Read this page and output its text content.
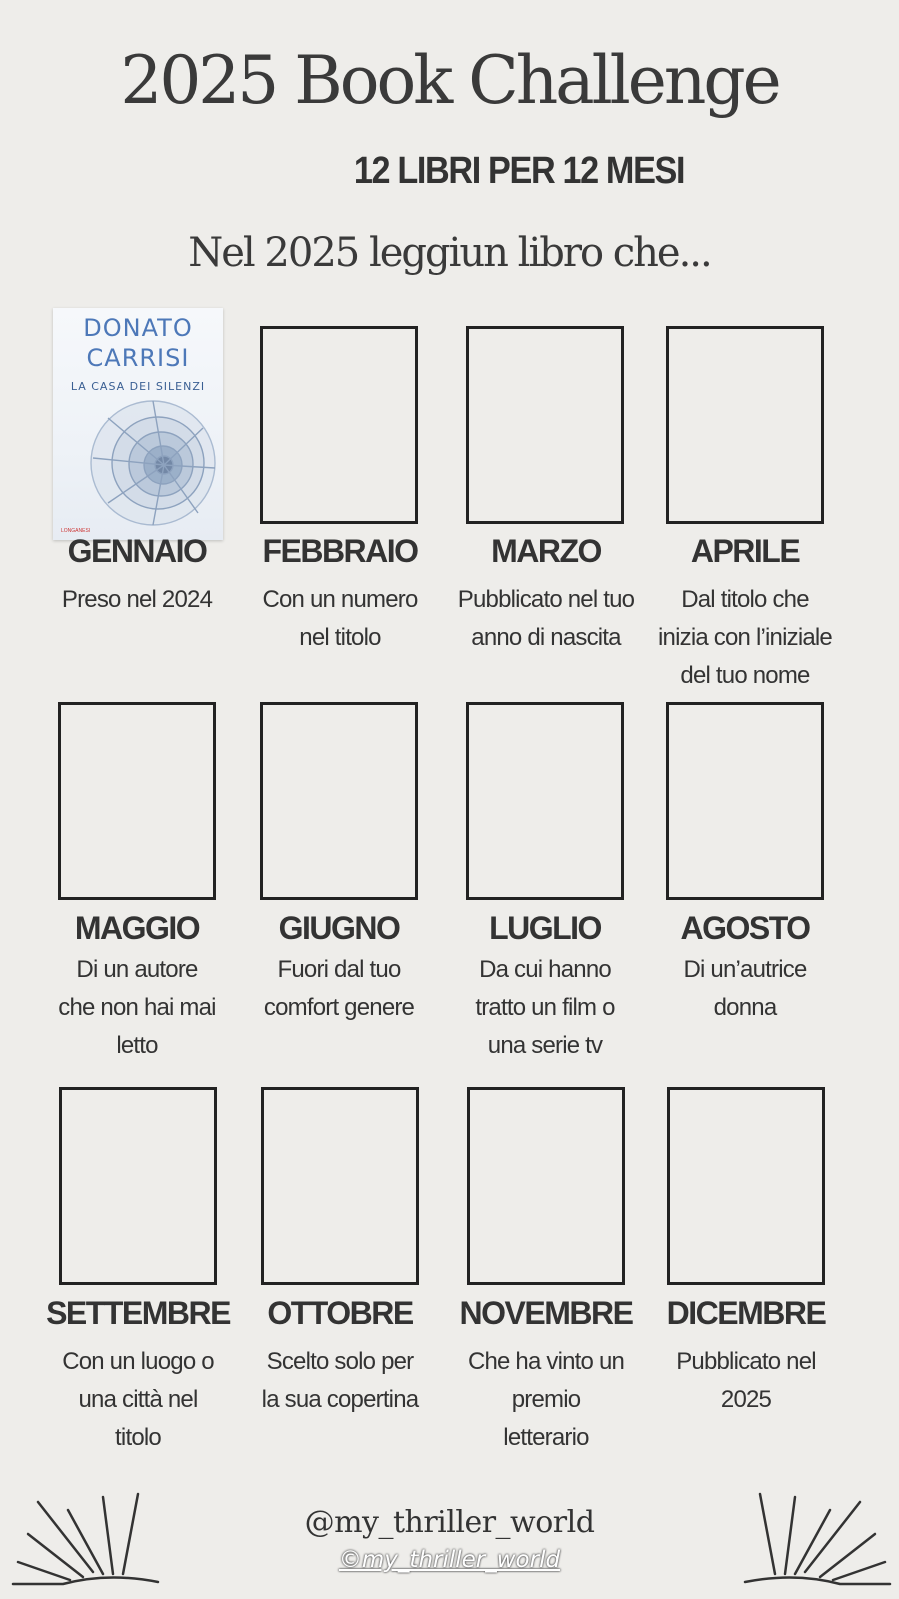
2025 Book Challenge
12 LIBRI PER 12 MESI
Nel 2025 leggiun libro che...
DONATO
CARRISI
LA CASA DEI SILENZI
LONGANESI
GENNAIO	FEBBRAIO	MARZO	APRILE
Preso nel 2024	Con un numero
nel titolo
Pubblicato nel tuo
anno di nascita
Dal titolo che
inizia con l’iniziale
del tuo nome
MAGGIO	GIUGNO	LUGLIO	AGOSTO
Di un autore
che non hai mai
letto
Fuori dal tuo
comfort genere
Da cui hanno
tratto un film o
una serie tv
Di un’autrice
donna
SETTEMBRE	OTTOBRE	NOVEMBRE	DICEMBRE
Con un luogo o
una città nel
titolo
Scelto solo per
la sua copertina
Che ha vinto un
premio
letterario
Pubblicato nel
2025
@my_thriller_world
©my_thriller_world
